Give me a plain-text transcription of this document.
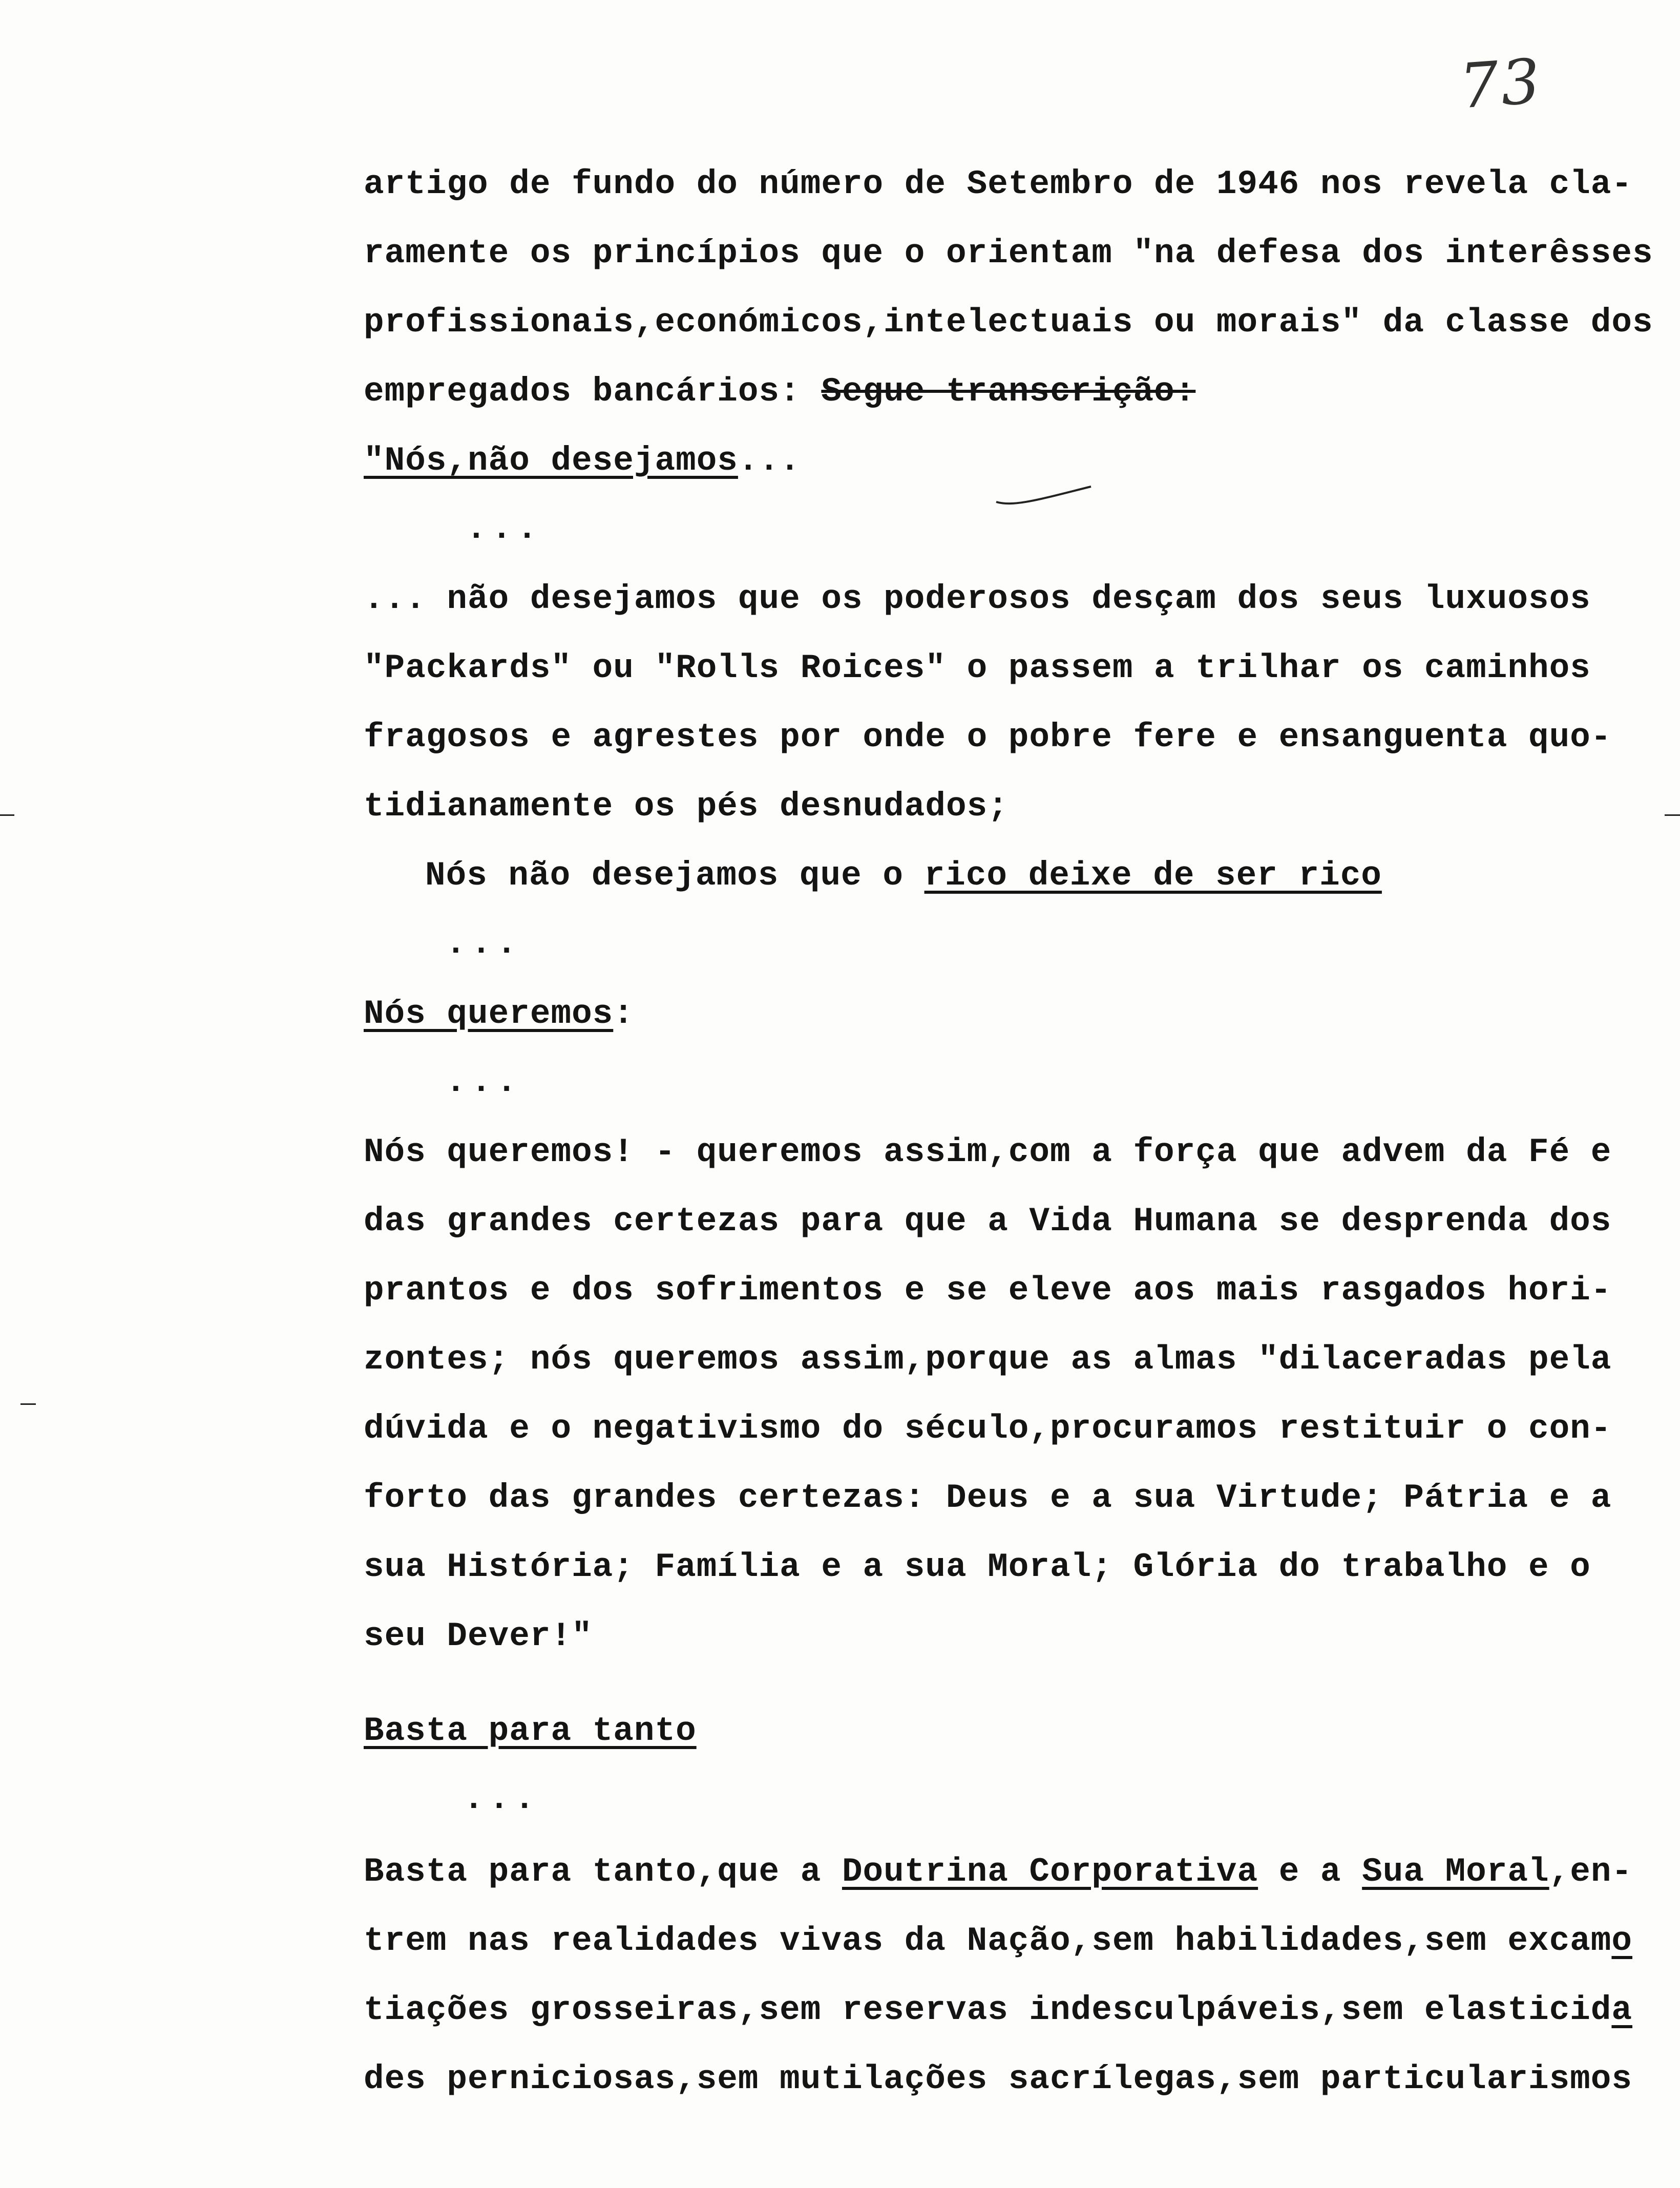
73
artigo de fundo do número de Setembro de 1946 nos revela cla-
ramente os princípios que o orientam "na defesa dos interêsses
profissionais,económicos,intelectuais ou morais" da classe dos
empregados bancários: Segue transcrição:
"Nós,não desejamos...
...
... não desejamos que os poderosos desçam dos seus luxuosos
"Packards" ou "Rolls Roices" o passem a trilhar os caminhos
fragosos e agrestes por onde o pobre fere e ensanguenta quo-
tidianamente os pés desnudados;
Nós não desejamos que o rico deixe de ser rico
...
Nós queremos:
...
Nós queremos! - queremos assim,com a força que advem da Fé e
das grandes certezas para que a Vida Humana se desprenda dos
prantos e dos sofrimentos e se eleve aos mais rasgados hori-
zontes; nós queremos assim,porque as almas "dilaceradas pela
dúvida e o negativismo do século,procuramos restituir o con-
forto das grandes certezas: Deus e a sua Virtude; Pátria e a
sua História; Família e a sua Moral; Glória do trabalho e o
seu Dever!"
Basta para tanto
...
Basta para tanto,que a Doutrina Corporativa e a Sua Moral,en-
trem nas realidades vivas da Nação,sem habilidades,sem excamo
tiações grosseiras,sem reservas indesculpáveis,sem elasticida
des perniciosas,sem mutilações sacrílegas,sem particularismos
